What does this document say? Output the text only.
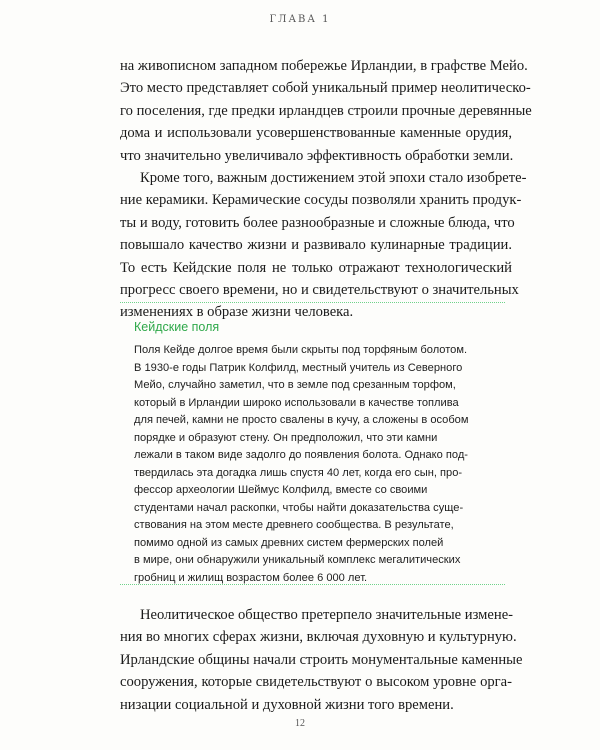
ГЛАВА 1
на живописном западном побережье Ирландии, в графстве Мейо.
Это место представляет собой уникальный пример неолитическо-
го поселения, где предки ирландцев строили прочные деревянные
дома и использовали усовершенствованные каменные орудия,
что значительно увеличивало эффективность обработки земли.
Кроме того, важным достижением этой эпохи стало изобрете-
ние керамики. Керамические сосуды позволяли хранить продук-
ты и воду, готовить более разнообразные и сложные блюда, что
повышало качество жизни и развивало кулинарные традиции.
То есть Кейдские поля не только отражают технологический
прогресс своего времени, но и свидетельствуют о значительных
изменениях в образе жизни человека.
Кейдские поля
Поля Кейде долгое время были скрыты под торфяным болотом.
В 1930-е годы Патрик Колфилд, местный учитель из Северного
Мейо, случайно заметил, что в земле под срезанным торфом,
который в Ирландии широко использовали в качестве топлива
для печей, камни не просто свалены в кучу, а сложены в особом
порядке и образуют стену. Он предположил, что эти камни
лежали в таком виде задолго до появления болота. Однако под-
твердилась эта догадка лишь спустя 40 лет, когда его сын, про-
фессор археологии Шеймус Колфилд, вместе со своими
студентами начал раскопки, чтобы найти доказательства суще-
ствования на этом месте древнего сообщества. В результате,
помимо одной из самых древних систем фермерских полей
в мире, они обнаружили уникальный комплекс мегалитических
гробниц и жилищ возрастом более 6 000 лет.
Неолитическое общество претерпело значительные измене-
ния во многих сферах жизни, включая духовную и культурную.
Ирландские общины начали строить монументальные каменные
сооружения, которые свидетельствуют о высоком уровне орга-
низации социальной и духовной жизни того времени.
12
